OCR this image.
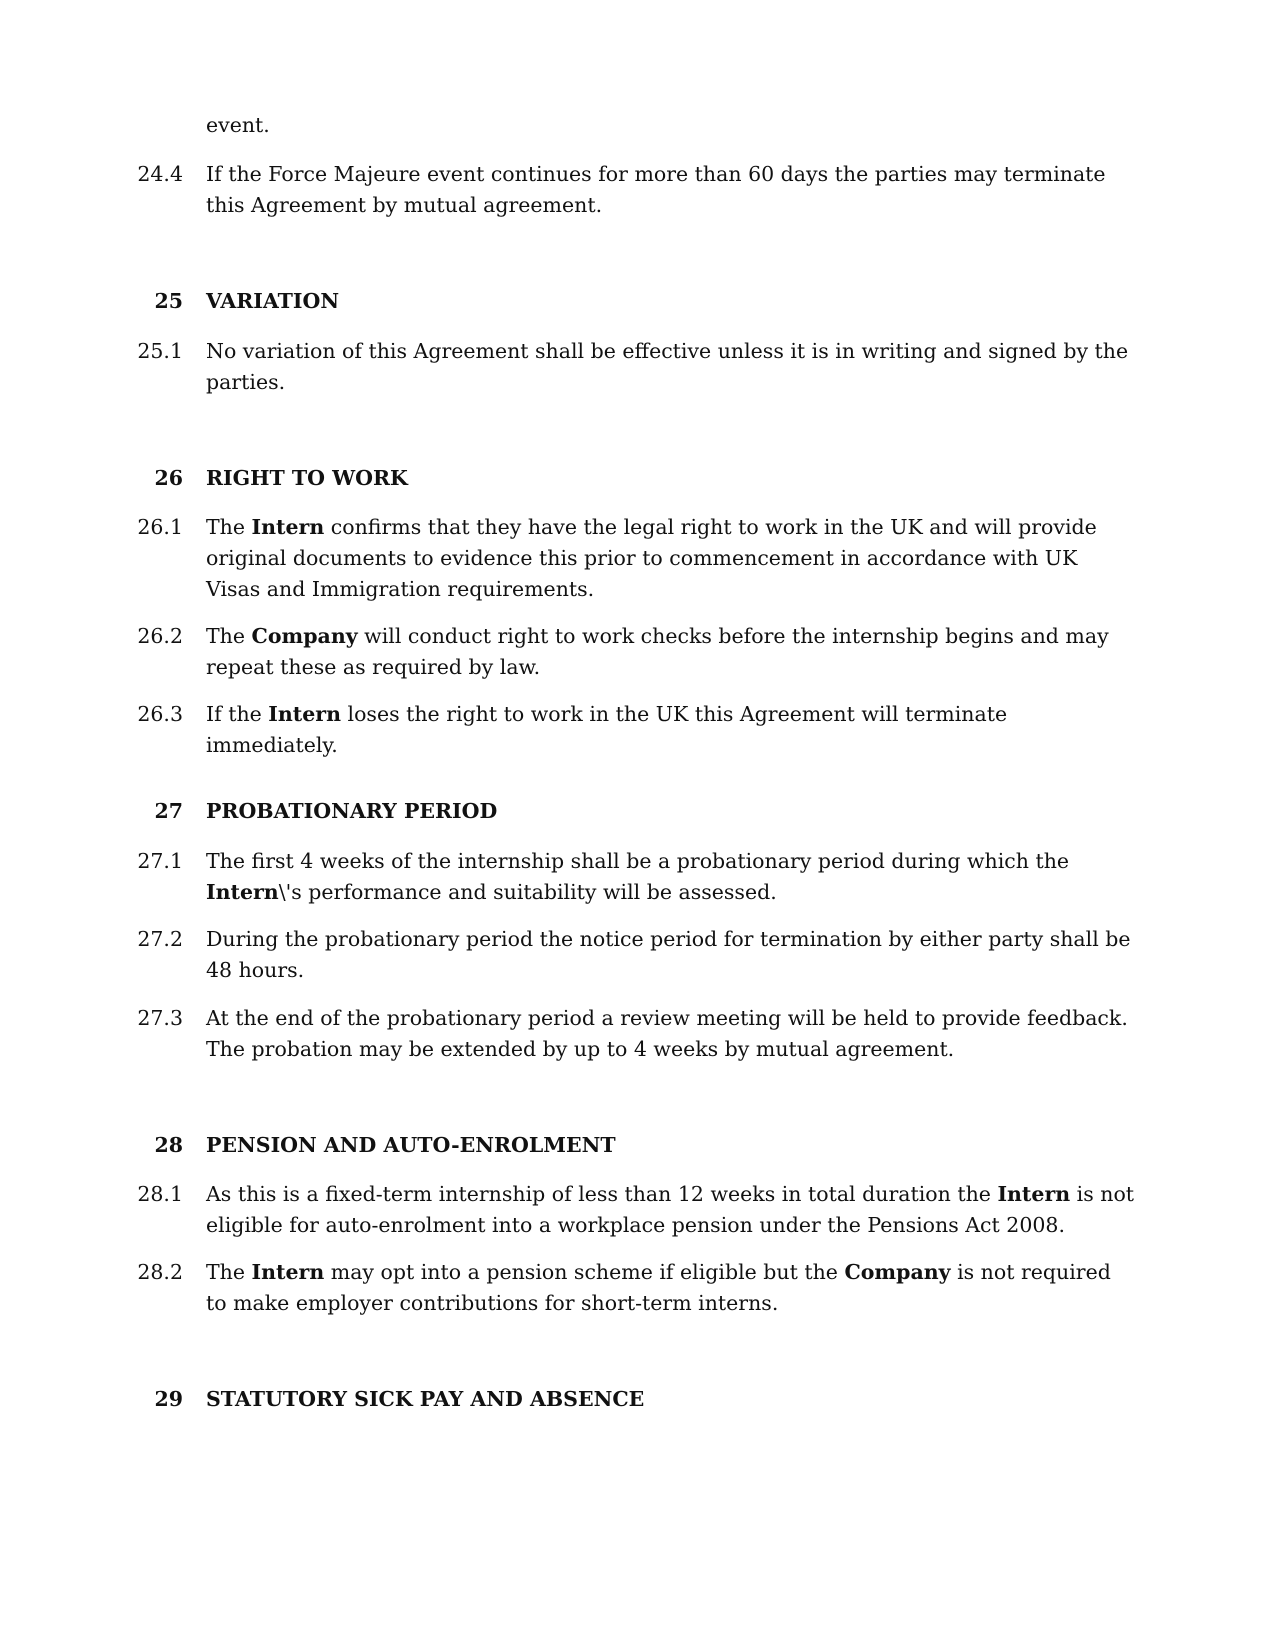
event.
24.4 If the Force Majeure event continues for more than 60 days the parties may terminate this Agreement by mutual agreement.
25 VARIATION
25.1 No variation of this Agreement shall be effective unless it is in writing and signed by the parties.
26 RIGHT TO WORK
26.1 The Intern confirms that they have the legal right to work in the UK and will provide original documents to evidence this prior to commencement in accordance with UK Visas and Immigration requirements.
26.2 The Company will conduct right to work checks before the internship begins and may repeat these as required by law.
26.3 If the Intern loses the right to work in the UK this Agreement will terminate immediately.
27 PROBATIONARY PERIOD
27.1 The first 4 weeks of the internship shall be a probationary period during which the Intern\'s performance and suitability will be assessed.
27.2 During the probationary period the notice period for termination by either party shall be 48 hours.
27.3 At the end of the probationary period a review meeting will be held to provide feedback. The probation may be extended by up to 4 weeks by mutual agreement.
28 PENSION AND AUTO-ENROLMENT
28.1 As this is a fixed-term internship of less than 12 weeks in total duration the Intern is not eligible for auto-enrolment into a workplace pension under the Pensions Act 2008.
28.2 The Intern may opt into a pension scheme if eligible but the Company is not required to make employer contributions for short-term interns.
29 STATUTORY SICK PAY AND ABSENCE
